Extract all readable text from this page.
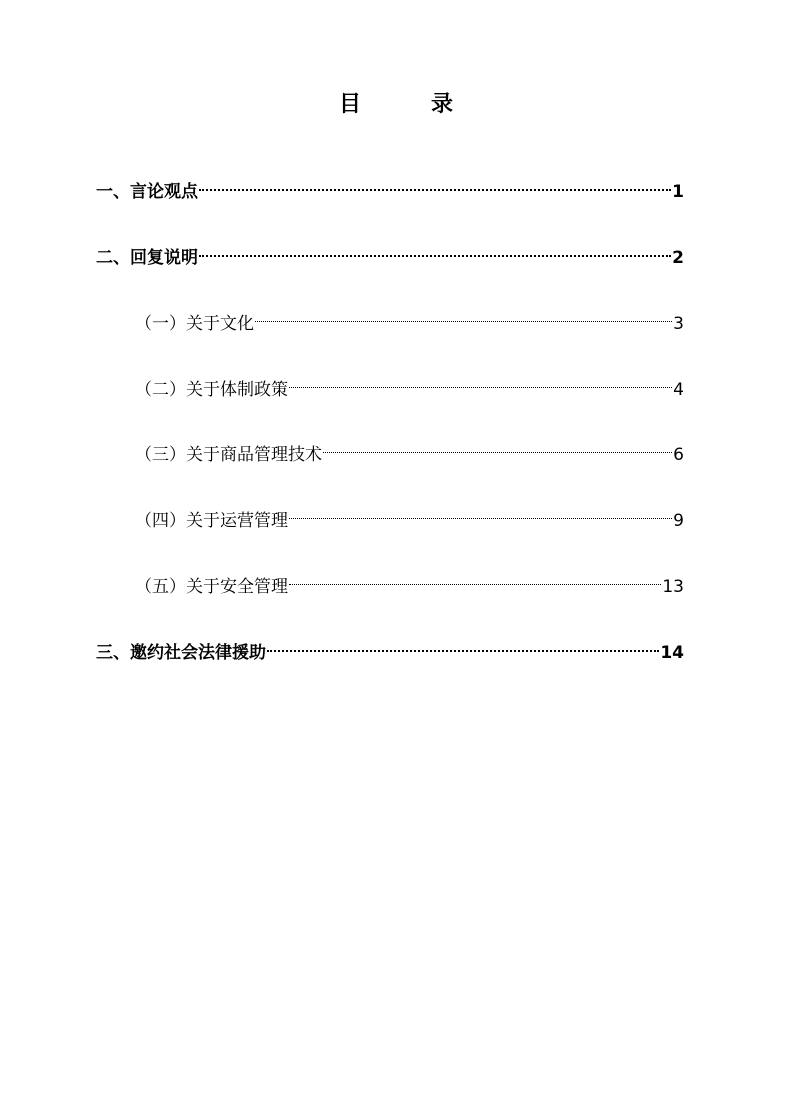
目　录
一、言论观点	1
二、回复说明	2
（一）关于文化	3
（二）关于体制政策	4
（三）关于商品管理技术	6
（四）关于运营管理	9
（五）关于安全管理	13
三、邀约社会法律援助	14
